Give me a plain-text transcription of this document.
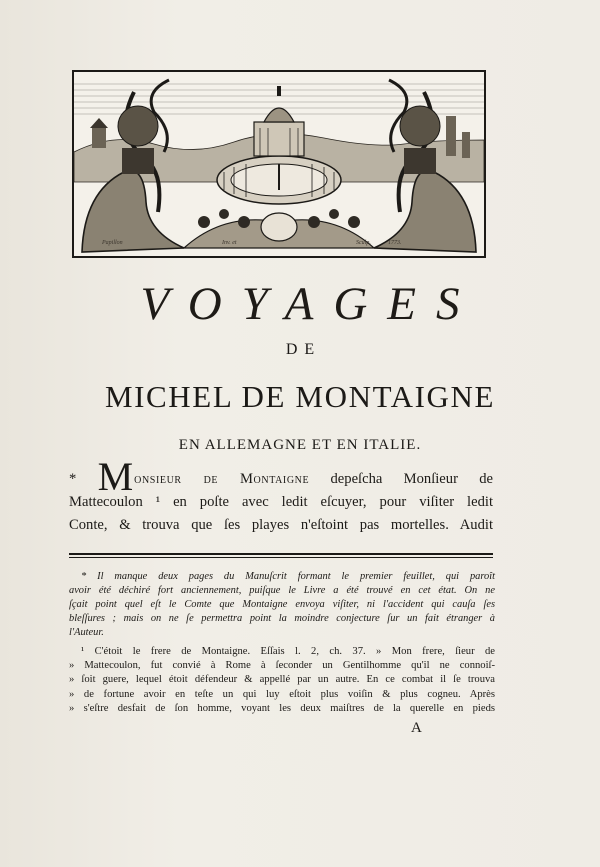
Papillon	Inv. et	Sculp.	1773.
VOYAGES
DE
MICHEL DE MONTAIGNE
EN ALLEMAGNE ET EN ITALIE.
* Monsieur de Montaigne depeſcha Monſieur de
Mattecoulon ¹ en poſte avec ledit eſcuyer, pour viſiter ledit
Conte, & trouva que ſes playes n'eſtoint pas mortelles. Audit
* Il manque deux pages du Manuſcrit formant le premier feuillet, qui paroît
avoir été déchiré fort anciennement, puiſque le Livre a été trouvé en cet état. On ne
ſçait point quel eſt le Comte que Montaigne envoya viſiter, ni l'accident qui cauſa ſes
bleſſures ; mais on ne ſe permettra point la moindre conjecture ſur un fait étranger à
l'Auteur.
¹ C'étoit le frere de Montaigne. Eſſais l. 2, ch. 37. » Mon frere, ſieur de
» Mattecoulon, fut convié à Rome à ſeconder un Gentilhomme qu'il ne connoiſ-
» ſoit guere, lequel étoit défendeur & appellé par un autre. En ce combat il ſe trouva
» de fortune avoir en teſte un qui luy eſtoit plus voiſin & plus cogneu. Après
» s'eſtre desfait de ſon homme, voyant les deux maiſtres de la querelle en pieds
A
